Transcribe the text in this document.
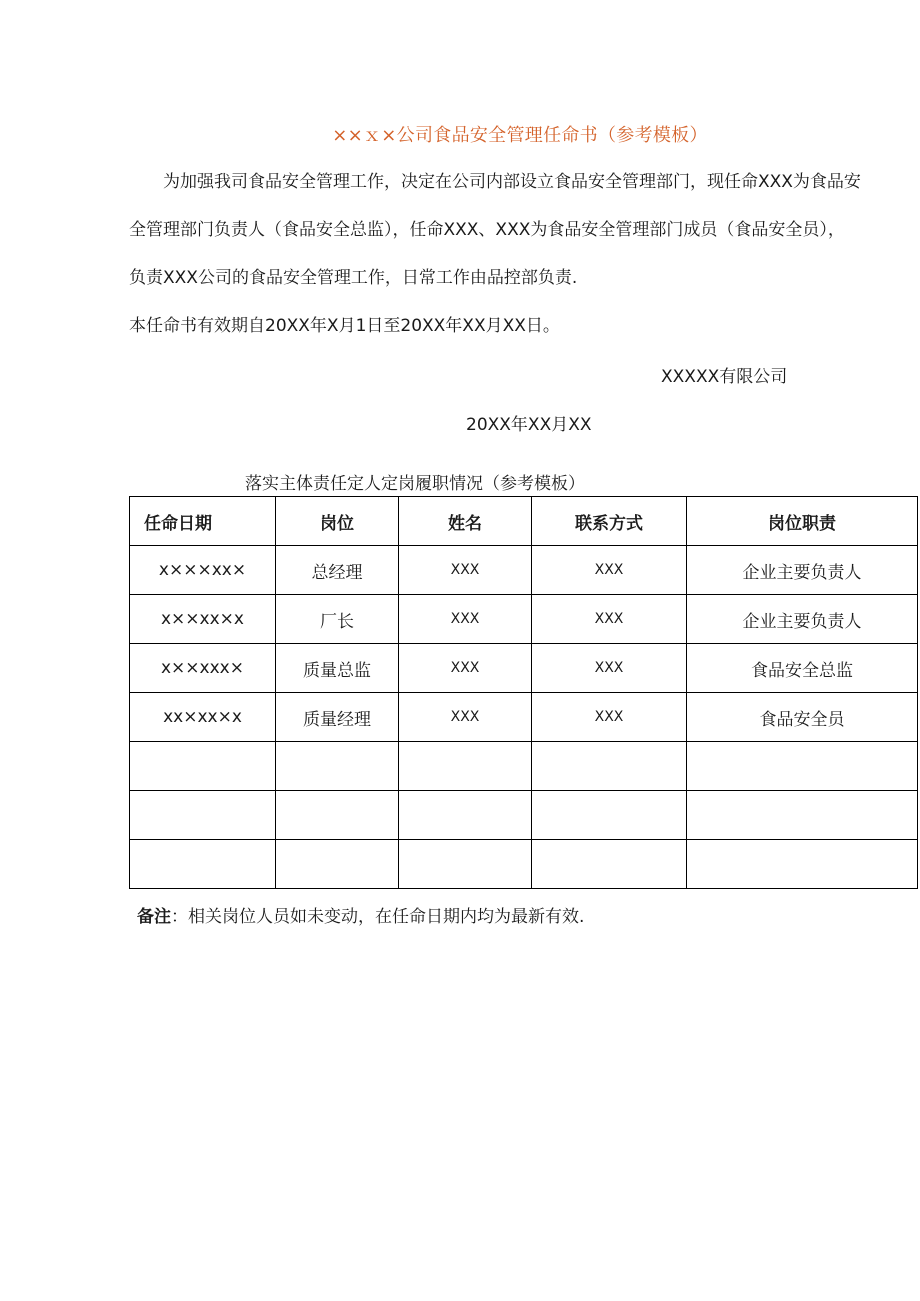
××ｘ×公司食品安全管理任命书（参考模板）
为加强我司食品安全管理工作，决定在公司内部设立食品安全管理部门，现任命XXX为食品安
全管理部门负责人（食品安全总监），任命XXX、XXX为食品安全管理部门成员（食品安全员），
负责XXX公司的食品安全管理工作，日常工作由品控部负责.
本任命书有效期自20XX年X月1日至20XX年XX月XX日。
XXXXX有限公司
20XX年XX月XX
落实主体责任定人定岗履职情况（参考模板）
任命日期	岗位	姓名	联系方式	岗位职责
x×××xx×	总经理	XXX	XXX	企业主要负责人
x××xx×x	厂长	XXX	XXX	企业主要负责人
x××xxx×	质量总监	XXX	XXX	食品安全总监
xx×xx×x	质量经理	XXX	XXX	食品安全员

备注：相关岗位人员如未变动，在任命日期内均为最新有效.
